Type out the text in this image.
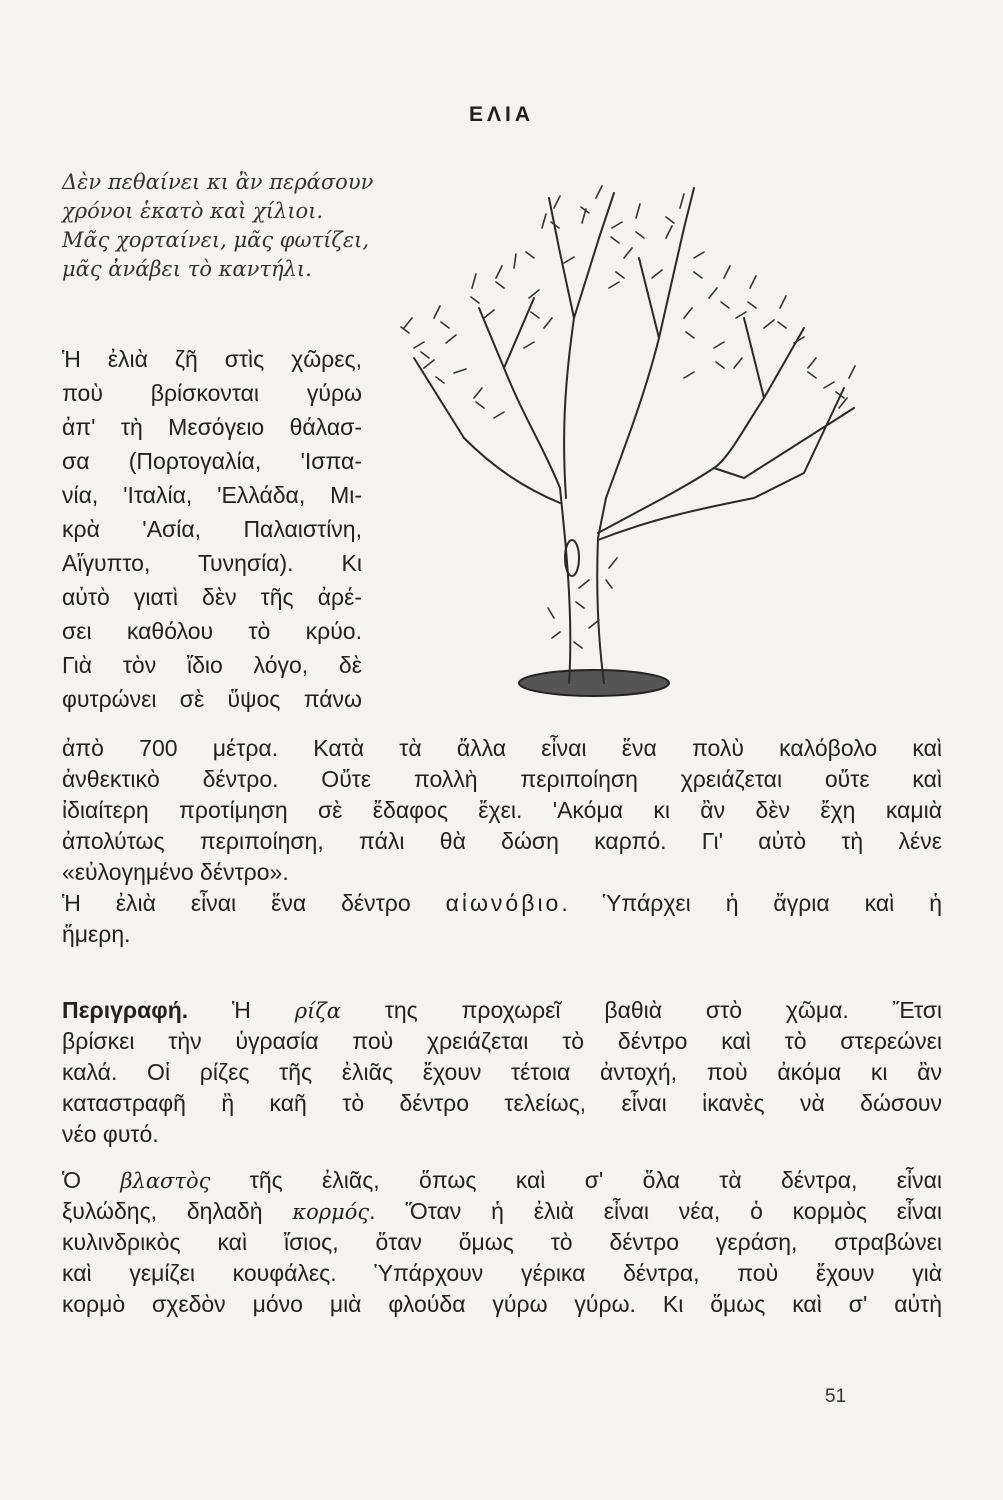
ΕΛΙΑ
Δὲν πεθαίνει κι ἂν περάσουν
χρόνοι ἑκατὸ καὶ χίλιοι.
Μᾶς χορταίνει, μᾶς φωτίζει,
μᾶς ἀνάβει τὸ καντήλι.
Ἡ ἐλιὰ ζῆ στὶς χῶρες,
ποὺ βρίσκονται γύρω
ἀπ' τὴ Μεσόγειο θάλασ-
σα (Πορτογαλία, 'Ισπα-
νία, 'Ιταλία, 'Ελλάδα, Μι-
κρὰ 'Ασία, Παλαιστίνη,
Αἴγυπτο, Τυνησία). Κι
αὐτὸ γιατὶ δὲν τῆς ἀρέ-
σει καθόλου τὸ κρύο.
Γιὰ τὸν ἴδιο λόγο, δὲ
φυτρώνει σὲ ὕψος πάνω
ἀπὸ 700 μέτρα. Κατὰ τὰ ἄλλα εἶναι ἕνα πολὺ καλόβολο καὶ
ἀνθεκτικὸ δέντρο. Οὔτε πολλὴ περιποίηση χρειάζεται οὔτε καὶ
ἰδιαίτερη προτίμηση σὲ ἔδαφος ἔχει. 'Ακόμα κι ἂν δὲν ἔχη καμιὰ
ἀπολύτως περιποίηση, πάλι θὰ δώση καρπό. Γι' αὐτὸ τὴ λένε
«εὐλογημένο δέντρο».
Ἡ ἐλιὰ εἶναι ἕνα δέντρο αἰωνόβιο. Ὑπάρχει ἡ ἄγρια καὶ ἡ
ἥμερη.
Περιγραφή. Ἡ ρίζα της προχωρεῖ βαθιὰ στὸ χῶμα. Ἔτσι
βρίσκει τὴν ὑγρασία ποὺ χρειάζεται τὸ δέντρο καὶ τὸ στερεώνει
καλά. Οἱ ρίζες τῆς ἐλιᾶς ἔχουν τέτοια ἀντοχή, ποὺ ἀκόμα κι ἂν
καταστραφῆ ἢ καῆ τὸ δέντρο τελείως, εἶναι ἱκανὲς νὰ δώσουν
νέο φυτό.
Ὁ βλαστὸς τῆς ἐλιᾶς, ὅπως καὶ σ' ὅλα τὰ δέντρα, εἶναι
ξυλώδης, δηλαδὴ κορμός. Ὅταν ἡ ἐλιὰ εἶναι νέα, ὁ κορμὸς εἶναι
κυλινδρικὸς καὶ ἴσιος, ὅταν ὅμως τὸ δέντρο γεράση, στραβώνει
καὶ γεμίζει κουφάλες. Ὑπάρχουν γέρικα δέντρα, ποὺ ἔχουν γιὰ
κορμὸ σχεδὸν μόνο μιὰ φλούδα γύρω γύρω. Κι ὅμως καὶ σ' αὐτὴ
51
